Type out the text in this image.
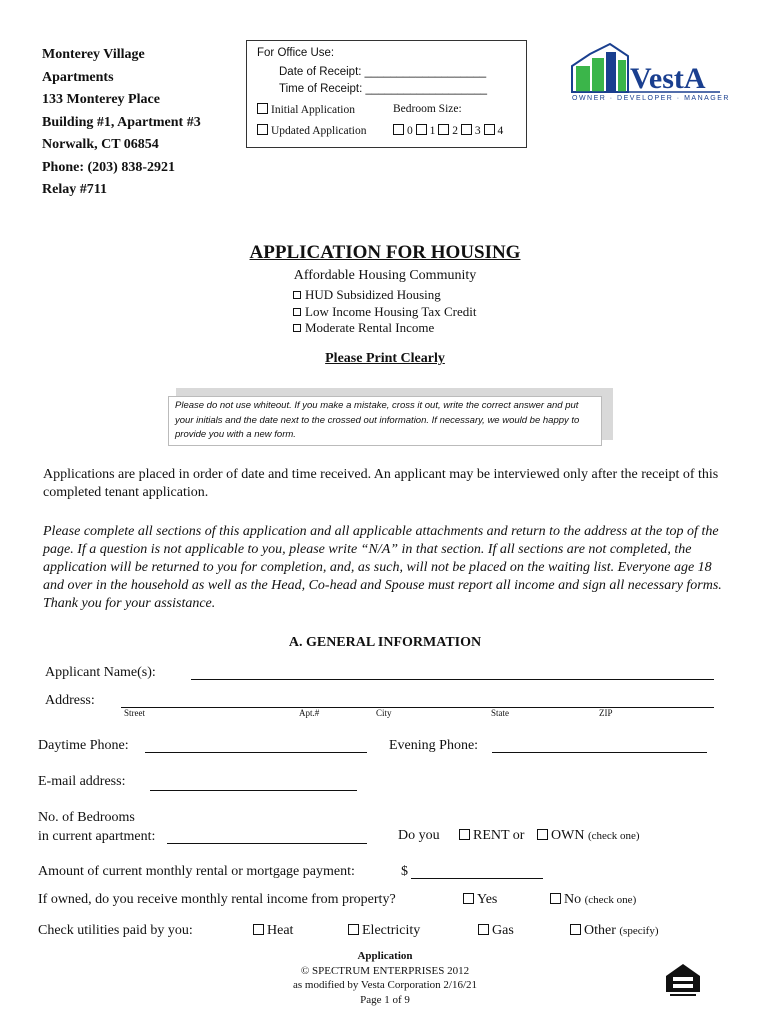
Monterey Village
Apartments
133 Monterey Place
Building #1, Apartment #3
Norwalk, CT 06854
Phone: (203) 838-2921
Relay #711
For Office Use:
Date of Receipt: ___________________
Time of Receipt: ___________________
Initial Application	Bedroom Size:
Updated Application	0 1 2 3 4
VestA
OWNER · DEVELOPER · MANAGER
APPLICATION FOR HOUSING
Affordable Housing Community
HUD Subsidized Housing
Low Income Housing Tax Credit
Moderate Rental Income
Please Print Clearly
Please do not use whiteout. If you make a mistake, cross it out, write the correct answer and put your initials and the date next to the crossed out information. If necessary, we would be happy to provide you with a new form.
Applications are placed in order of date and time received. An applicant may be interviewed only after the receipt of this completed tenant application.
Please complete all sections of this application and all applicable attachments and return to the address at the top of the page. If a question is not applicable to you, please write “N/A” in that section. If all sections are not completed, the application will be returned to you for completion, and, as such, will not be placed on the waiting list. Everyone age 18 and over in the household as well as the Head, Co-head and Spouse must report all income and sign all necessary forms. Thank you for your assistance.
A. GENERAL INFORMATION
Applicant Name(s):
Address:
Street	Apt.#	City	State	ZIP
Daytime Phone:	Evening Phone:
E-mail address:
No. of Bedrooms
in current apartment:	Do you	RENT or	OWN (check one)
Amount of current monthly rental or mortgage payment:	$
If owned, do you receive monthly rental income from property?	Yes	No (check one)
Check utilities paid by you:	Heat	Electricity	Gas	Other (specify)
Application
© SPECTRUM ENTERPRISES 2012
as modified by Vesta Corporation 2/16/21
Page 1 of 9
